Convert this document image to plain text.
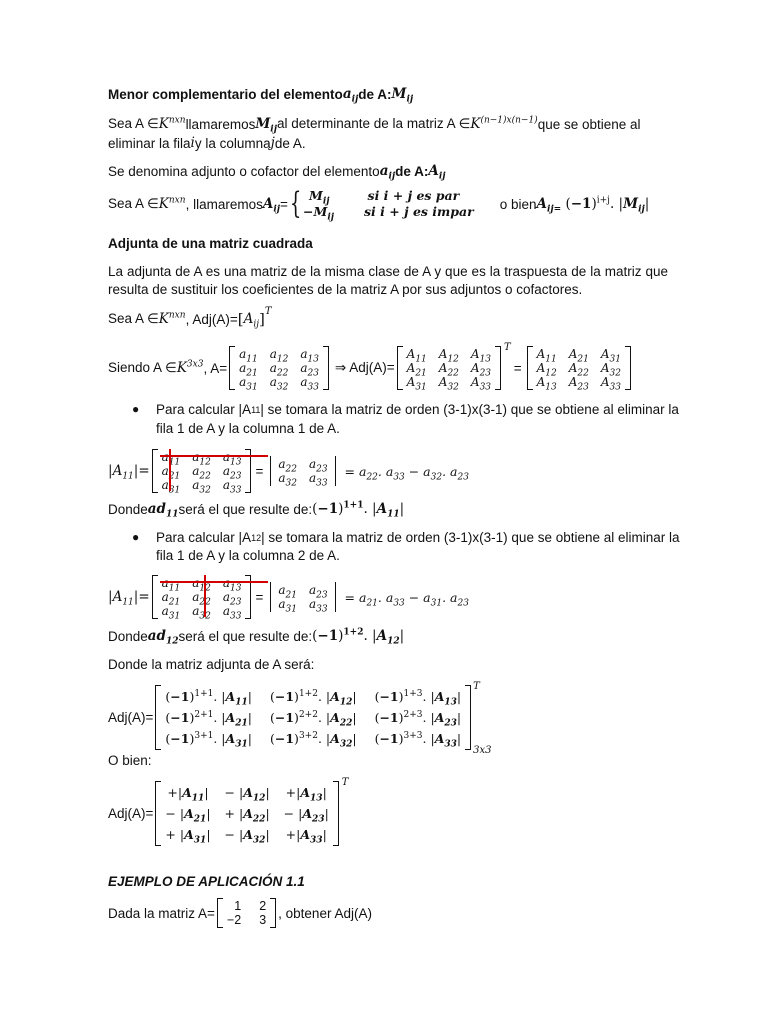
Menor complementario del elemento $a_{ij}$ de A: $M_{ij}$
Sea A ∈ $K^{nxn}$ llamaremos $M_{ij}$ al determinante de la matriz A ∈ $K^{(n-1)x(n-1)}$ que se obtiene al
eliminar la fila i y la columna j de A.
Se denomina adjunto o cofactor del elemento $a_{ij}$ de A: $A_{ij}$
Sea A ∈ $K^{nxn}$ , llamaremos $A_{ij}$ = { $M_{ij}$	si i + j es par
$-M_{ij}$ si i + j es impar o bien $A_{ij=}$ $(-1)^{i+j}$. $|M_{ij}|$
Adjunta de una matriz cuadrada
La adjunta de A es una matriz de la misma clase de A y que es la traspuesta de la matriz que resulta de sustituir los coeficientes de la matriz A por sus adjuntos o cofactores.
Sea A ∈ $K^{nxn}$ , Adj(A)= [ $A_{ij}$ ] T
Siendo A ∈ $K^{3x3}$ , A=
$a_{11}$ $a_{12}$ $a_{13}$
$a_{21}$ $a_{22}$ $a_{23}$
$a_{31}$ $a_{32}$ $a_{33}$
⇒ Adj(A)=
$A_{11}$ $A_{12}$ $A_{13}$
$A_{21}$ $A_{22}$ $A_{23}$
$A_{31}$ $A_{32}$ $A_{33}$
T
=
$A_{11}$ $A_{21}$ $A_{31}$
$A_{12}$ $A_{22}$ $A_{32}$
$A_{13}$ $A_{23}$ $A_{33}$
● Para calcular |A 11 | se tomara la matriz de orden (3-1)x(3-1) que se obtiene al eliminar la
fila 1 de A y la columna 1 de A.
$|A_{11}|=$
$a_{11}$ $a_{12}$ $a_{13}$
$a_{21}$ $a_{22}$ $a_{23}$
$a_{31}$ $a_{32}$ $a_{33}$
= $a_{22}$ $a_{23}$
$a_{32}$ $a_{33}$
= $a_{22}$. $a_{33} - a_{32}$. $a_{23}$
Donde $ad_{11}$ será el que resulte de: $(-1)^{1+1}$. $|A_{11}|$
● Para calcular |A 12 | se tomara la matriz de orden (3-1)x(3-1) que se obtiene al eliminar la
fila 1 de A y la columna 2 de A.
$|A_{11}|=$
$a_{11}$ $a_{12}$ $a_{13}$
$a_{21}$ $a_{22}$ $a_{23}$
$a_{31}$ $a_{32}$ $a_{33}$
= $a_{21}$ $a_{23}$
$a_{31}$ $a_{33}$
= $a_{21}$. $a_{33} - a_{31}$. $a_{23}$
Donde $ad_{12}$ será el que resulte de: $(-1)^{1+2}$. $|A_{12}|$
Donde la matriz adjunta de A será:
Adj(A)=
$(-1)^{1+1}$. $|A_{11}|$ $(-1)^{1+2}$. $|A_{12}|$ $(-1)^{1+3}$. $|A_{13}|$
$(-1)^{2+1}$. $|A_{21}|$ $(-1)^{2+2}$. $|A_{22}|$ $(-1)^{2+3}$. $|A_{23}|$
$(-1)^{3+1}$. $|A_{31}|$ $(-1)^{3+2}$. $|A_{32}|$ $(-1)^{3+3}$. $|A_{33}|$
T
3x3
O bien:
Adj(A)=
$+|A_{11}| - |A_{12}| +|A_{13}|$
− $|A_{21}| + |A_{22}| - |A_{23}|$
+ $|A_{31}| - |A_{32}| +|A_{33}|$
T
EJEMPLO DE APLICACIÓN 1.1
Dada la matriz A=	1 2
−2 3 , obtener Adj(A)
